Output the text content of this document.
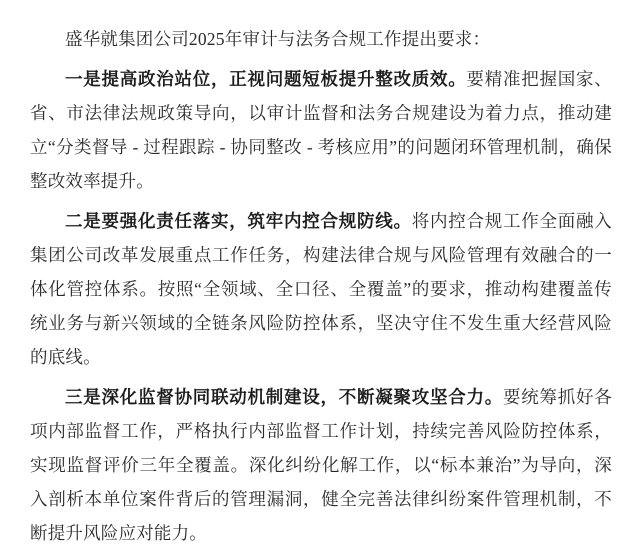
盛华就集团公司2025年审计与法务合规工作提出要求：

一是提高政治站位，正视问题短板提升整改质效。要精准把握国家、省、市法律法规政策导向，以审计监督和法务合规建设为着力点，推动建立“分类督导 - 过程跟踪 - 协同整改 - 考核应用”的问题闭环管理机制，确保整改效率提升。

二是要强化责任落实，筑牢内控合规防线。将内控合规工作全面融入集团公司改革发展重点工作任务，构建法律合规与风险管理有效融合的一体化管控体系。按照“全领域、全口径、全覆盖”的要求，推动构建覆盖传统业务与新兴领域的全链条风险防控体系，坚决守住不发生重大经营风险的底线。

三是深化监督协同联动机制建设，不断凝聚攻坚合力。要统筹抓好各项内部监督工作，严格执行内部监督工作计划，持续完善风险防控体系，实现监督评价三年全覆盖。深化纠纷化解工作，以“标本兼治”为导向，深入剖析本单位案件背后的管理漏洞，健全完善法律纠纷案件管理机制，不断提升风险应对能力。
